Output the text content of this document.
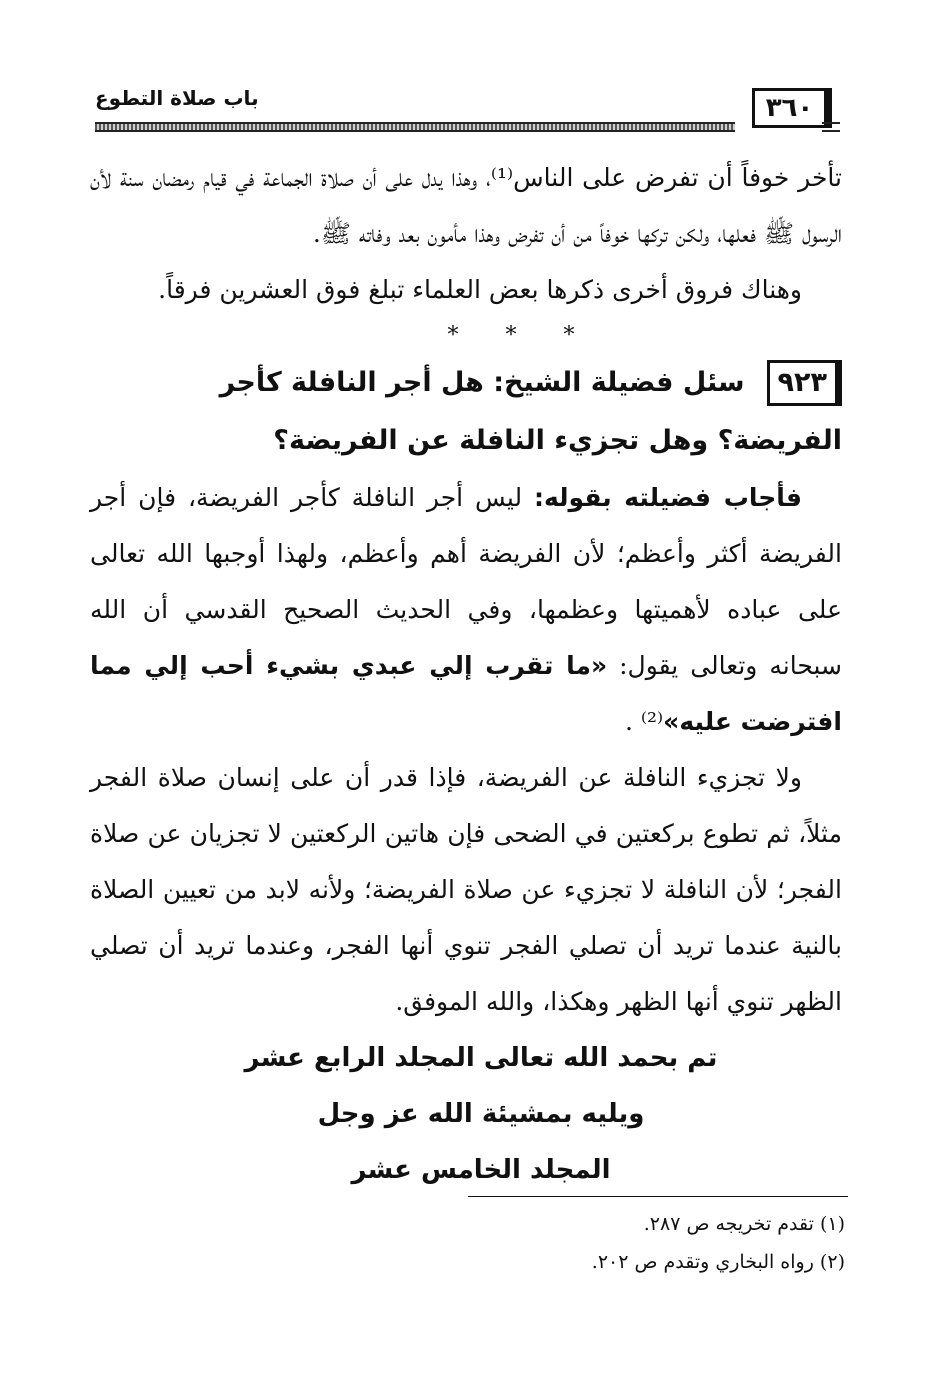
٣٦٠
باب صلاة التطوع

تأخر خوفاً أن تفرض على الناس⁽¹⁾، وهذا يدل على أن صلاة الجماعة في قيام رمضان سنة لأن الرسول ﷺ فعلها، ولكن تركها خوفاً من أن تفرض وهذا مأمون بعد وفاته ﷺ.

وهناك فروق أخرى ذكرها بعض العلماء تبلغ فوق العشرين فرقاً.

* * *

٩٢٣سئل فضيلة الشيخ: هل أجر النافلة كأجر الفريضة؟ وهل تجزيء النافلة عن الفريضة؟

فأجاب فضيلته بقوله: ليس أجر النافلة كأجر الفريضة، فإن أجر الفريضة أكثر وأعظم؛ لأن الفريضة أهم وأعظم، ولهذا أوجبها الله تعالى على عباده لأهميتها وعظمها، وفي الحديث الصحيح القدسي أن الله سبحانه وتعالى يقول: «ما تقرب إلي عبدي بشيء أحب إلي مما افترضت عليه»⁽²⁾ .

ولا تجزيء النافلة عن الفريضة، فإذا قدر أن على إنسان صلاة الفجر مثلاً، ثم تطوع بركعتين في الضحى فإن هاتين الركعتين لا تجزيان عن صلاة الفجر؛ لأن النافلة لا تجزيء عن صلاة الفريضة؛ ولأنه لابد من تعيين الصلاة بالنية عندما تريد أن تصلي الفجر تنوي أنها الفجر، وعندما تريد أن تصلي الظهر تنوي أنها الظهر وهكذا، والله الموفق.

تم بحمد الله تعالى المجلد الرابع عشر

ويليه بمشيئة الله عز وجل

المجلد الخامس عشر

(١) تقدم تخريجه ص ٢٨٧.

(٢) رواه البخاري وتقدم ص ٢٠٢.
